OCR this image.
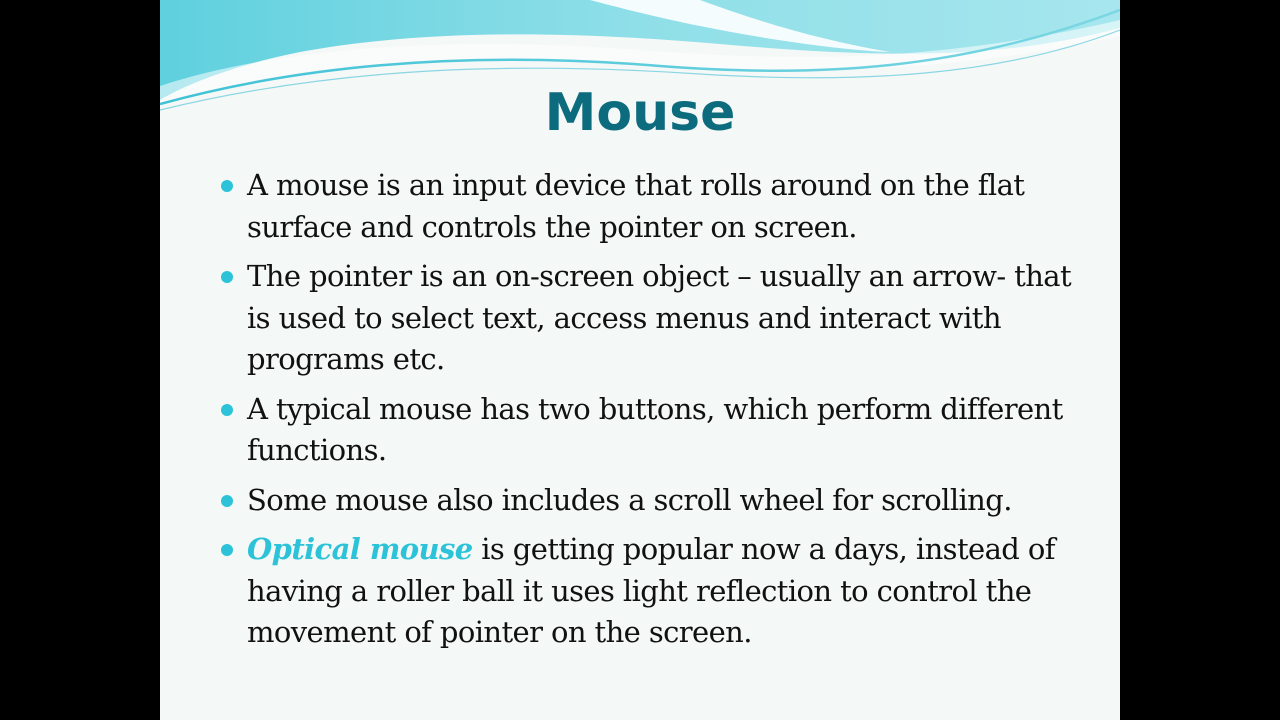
Mouse
A mouse is an input device that rolls around on the flat surface and controls the pointer on screen.
The pointer is an on-screen object – usually an arrow- that is used to select text, access menus and interact with programs etc.
A typical mouse has two buttons, which perform different functions.
Some mouse also includes a scroll wheel for scrolling.
Optical mouse is getting popular now a days, instead of having a roller ball it uses light reflection to control the movement of pointer on the screen.
